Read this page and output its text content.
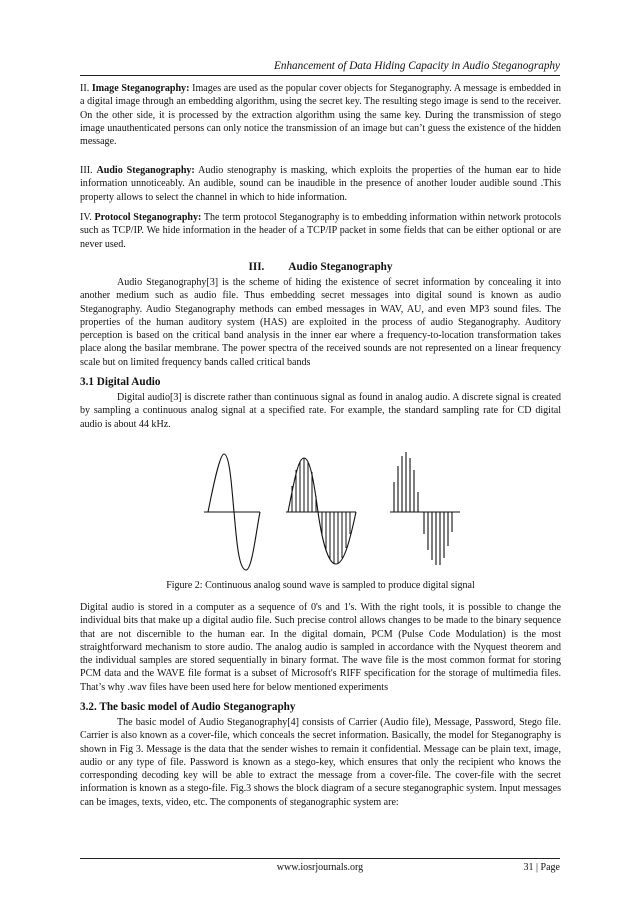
Enhancement of Data Hiding Capacity in Audio Steganography

II. Image Steganography: Images are used as the popular cover objects for Steganography. A message is embedded in a digital image through an embedding algorithm, using the secret key. The resulting stego image is send to the receiver. On the other side, it is processed by the extraction algorithm using the same key. During the transmission of stego image unauthenticated persons can only notice the transmission of an image but can’t guess the existence of the hidden message.

III. Audio Steganography: Audio stenography is masking, which exploits the properties of the human ear to hide information unnoticeably. An audible, sound can be inaudible in the presence of another louder audible sound .This property allows to select the channel in which to hide information.

IV. Protocol Steganography: The term protocol Steganography is to embedding information within network protocols such as TCP/IP. We hide information in the header of a TCP/IP packet in some fields that can be either optional or are never used.

III. Audio Steganography

Audio Steganography[3] is the scheme of hiding the existence of secret information by concealing it into another medium such as audio file. Thus embedding secret messages into digital sound is known as audio Steganography. Audio Steganography methods can embed messages in WAV, AU, and even MP3 sound files. The properties of the human auditory system (HAS) are exploited in the process of audio Steganography. Auditory perception is based on the critical band analysis in the inner ear where a frequency-to-location transformation takes place along the basilar membrane. The power spectra of the received sounds are not represented on a linear frequency scale but on limited frequency bands called critical bands

3.1 Digital Audio

Digital audio[3] is discrete rather than continuous signal as found in analog audio. A discrete signal is created by sampling a continuous analog signal at a specified rate. For example, the standard sampling rate for CD digital audio is about 44 kHz.

Figure 2: Continuous analog sound wave is sampled to produce digital signal

Digital audio is stored in a computer as a sequence of 0's and 1's. With the right tools, it is possible to change the individual bits that make up a digital audio file. Such precise control allows changes to be made to the binary sequence that are not discernible to the human ear. In the digital domain, PCM (Pulse Code Modulation) is the most straightforward mechanism to store audio. The analog audio is sampled in accordance with the Nyquest theorem and the individual samples are stored sequentially in binary format. The wave file is the most common format for storing PCM data and the WAVE file format is a subset of Microsoft's RIFF specification for the storage of multimedia files. That’s why .wav files have been used here for below mentioned experiments

3.2. The basic model of Audio Steganography

The basic model of Audio Steganography[4] consists of Carrier (Audio file), Message, Password, Stego file. Carrier is also known as a cover-file, which conceals the secret information. Basically, the model for Steganography is shown in Fig 3. Message is the data that the sender wishes to remain it confidential. Message can be plain text, image, audio or any type of file. Password is known as a stego-key, which ensures that only the recipient who knows the corresponding decoding key will be able to extract the message from a cover-file. The cover-file with the secret information is known as a stego-file. Fig.3 shows the block diagram of a secure steganographic system. Input messages can be images, texts, video, etc. The components of steganographic system are:

www.iosrjournals.org	31 | Page
